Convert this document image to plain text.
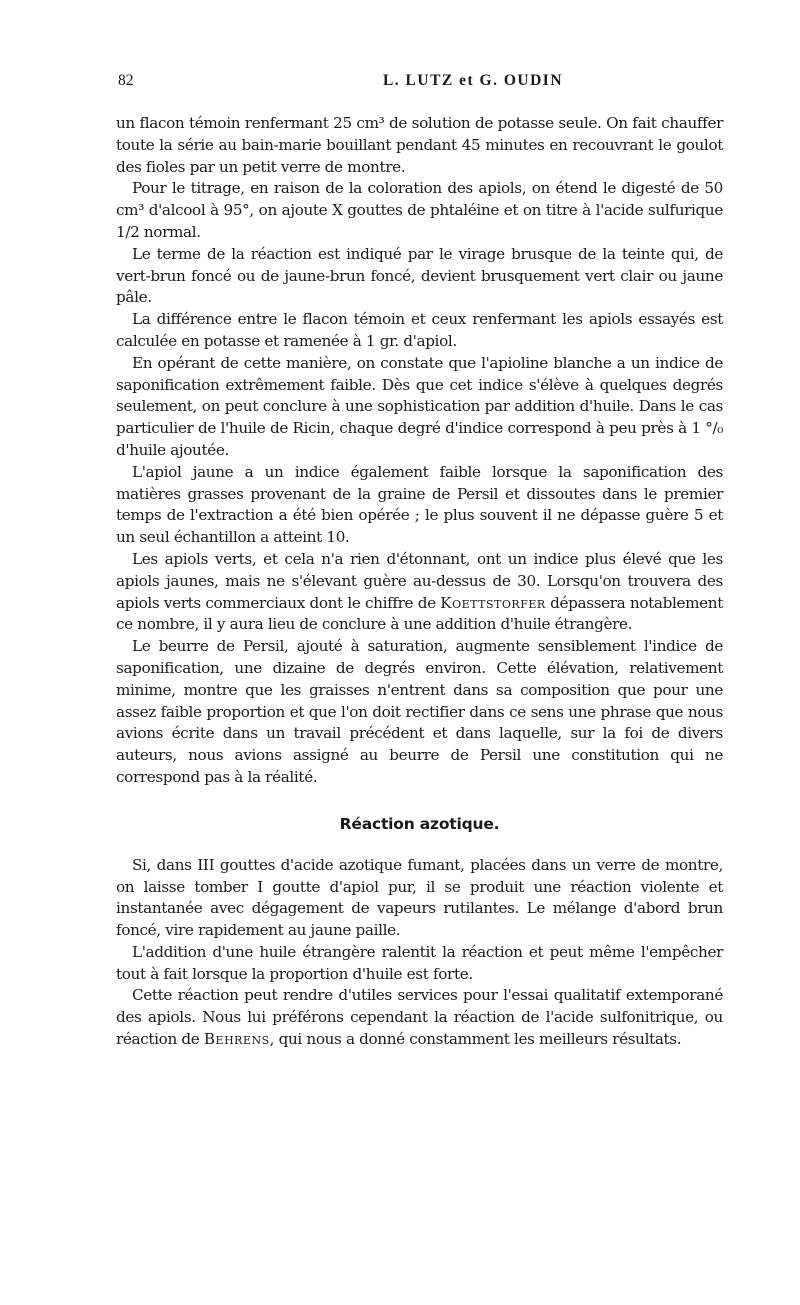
82	L. LUTZ et G. OUDIN

un flacon témoin renfermant 25 cm³ de solution de potasse seule. On fait chauffer toute la série au bain-marie bouillant pendant 45 minutes en recouvrant le goulot des fioles par un petit verre de montre.

Pour le titrage, en raison de la coloration des apiols, on étend le digesté de 50 cm³ d'alcool à 95°, on ajoute X gouttes de phtaléine et on titre à l'acide sulfurique 1/2 normal.

Le terme de la réaction est indiqué par le virage brusque de la teinte qui, de vert-brun foncé ou de jaune-brun foncé, devient brusquement vert clair ou jaune pâle.

La différence entre le flacon témoin et ceux renfermant les apiols essayés est calculée en potasse et ramenée à 1 gr. d'apiol.

En opérant de cette manière, on constate que l'apioline blanche a un indice de saponification extrêmement faible. Dès que cet indice s'élève à quelques degrés seulement, on peut conclure à une sophistication par addition d'huile. Dans le cas particulier de l'huile de Ricin, chaque degré d'indice correspond à peu près à 1 °/₀ d'huile ajoutée.

L'apiol jaune a un indice également faible lorsque la saponification des matières grasses provenant de la graine de Persil et dissoutes dans le premier temps de l'extraction a été bien opérée ; le plus souvent il ne dépasse guère 5 et un seul échantillon a atteint 10.

Les apiols verts, et cela n'a rien d'étonnant, ont un indice plus élevé que les apiols jaunes, mais ne s'élevant guère au-dessus de 30. Lorsqu'on trouvera des apiols verts commerciaux dont le chiffre de Koettstorfer dépassera notablement ce nombre, il y aura lieu de conclure à une addition d'huile étrangère.

Le beurre de Persil, ajouté à saturation, augmente sensiblement l'indice de saponification, une dizaine de degrés environ. Cette élévation, relativement minime, montre que les graisses n'entrent dans sa composition que pour une assez faible proportion et que l'on doit rectifier dans ce sens une phrase que nous avions écrite dans un travail précédent et dans laquelle, sur la foi de divers auteurs, nous avions assigné au beurre de Persil une constitution qui ne correspond pas à la réalité.

Réaction azotique.

Si, dans III gouttes d'acide azotique fumant, placées dans un verre de montre, on laisse tomber I goutte d'apiol pur, il se produit une réaction violente et instantanée avec dégagement de vapeurs rutilantes. Le mélange d'abord brun foncé, vire rapidement au jaune paille.

L'addition d'une huile étrangère ralentit la réaction et peut même l'empêcher tout à fait lorsque la proportion d'huile est forte.

Cette réaction peut rendre d'utiles services pour l'essai qualitatif extemporané des apiols. Nous lui préférons cependant la réaction de l'acide sulfonitrique, ou réaction de Behrens, qui nous a donné constamment les meilleurs résultats.
